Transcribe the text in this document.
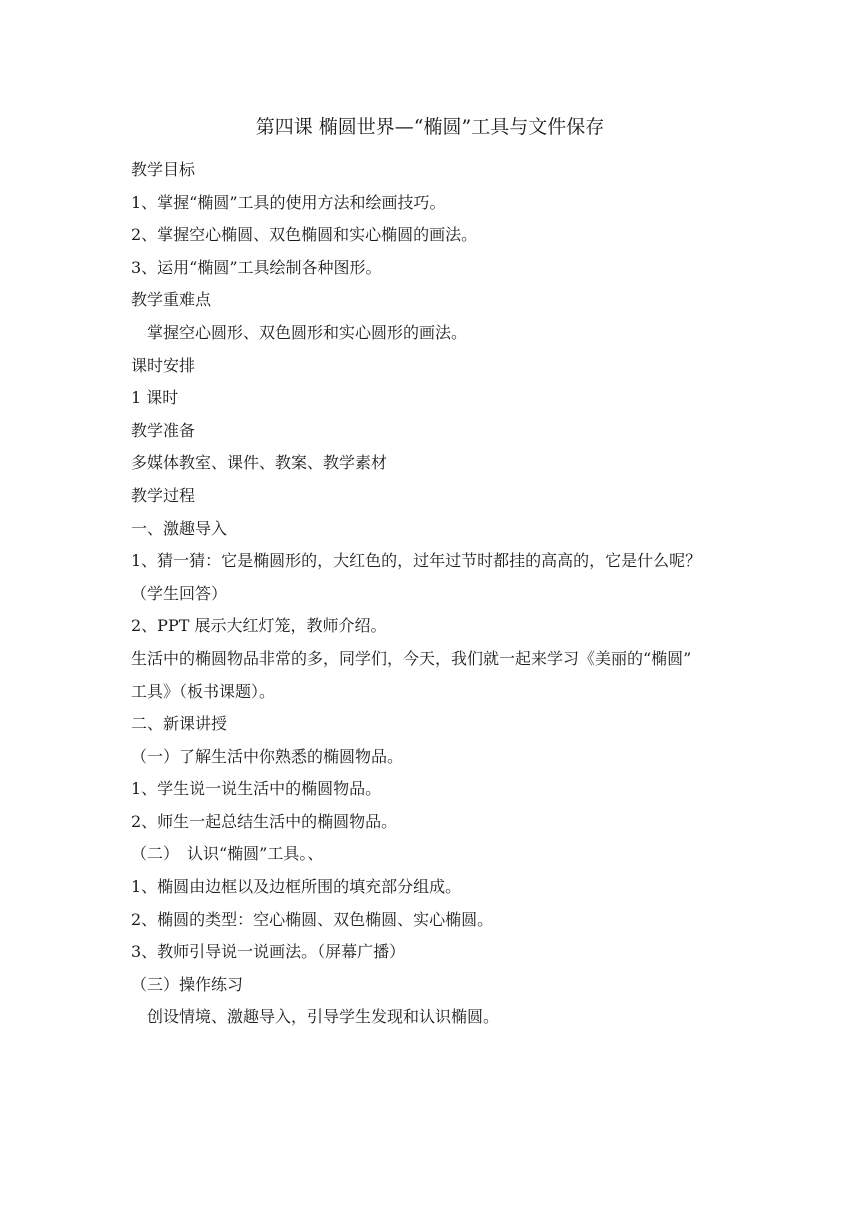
第四课 椭圆世界—“椭圆”工具与文件保存
教学目标
1、掌握“椭圆”工具的使用方法和绘画技巧。
2、掌握空心椭圆、双色椭圆和实心椭圆的画法。
3、运用“椭圆”工具绘制各种图形。
教学重难点
掌握空心圆形、双色圆形和实心圆形的画法。
课时安排
1 课时
教学准备
多媒体教室、课件、教案、教学素材
教学过程
一、激趣导入
1、猜一猜：它是椭圆形的，大红色的，过年过节时都挂的高高的，它是什么呢？
（学生回答）
2、PPT 展示大红灯笼，教师介绍。
生活中的椭圆物品非常的多，同学们，今天，我们就一起来学习《美丽的“椭圆”
工具》（板书课题）。
二、新课讲授
（一）了解生活中你熟悉的椭圆物品。
1、学生说一说生活中的椭圆物品。
2、师生一起总结生活中的椭圆物品。
（二）　认识“椭圆”工具。、
1、椭圆由边框以及边框所围的填充部分组成。
2、椭圆的类型：空心椭圆、双色椭圆、实心椭圆。
3、教师引导说一说画法。（屏幕广播）
（三）操作练习
创设情境、激趣导入，引导学生发现和认识椭圆。
